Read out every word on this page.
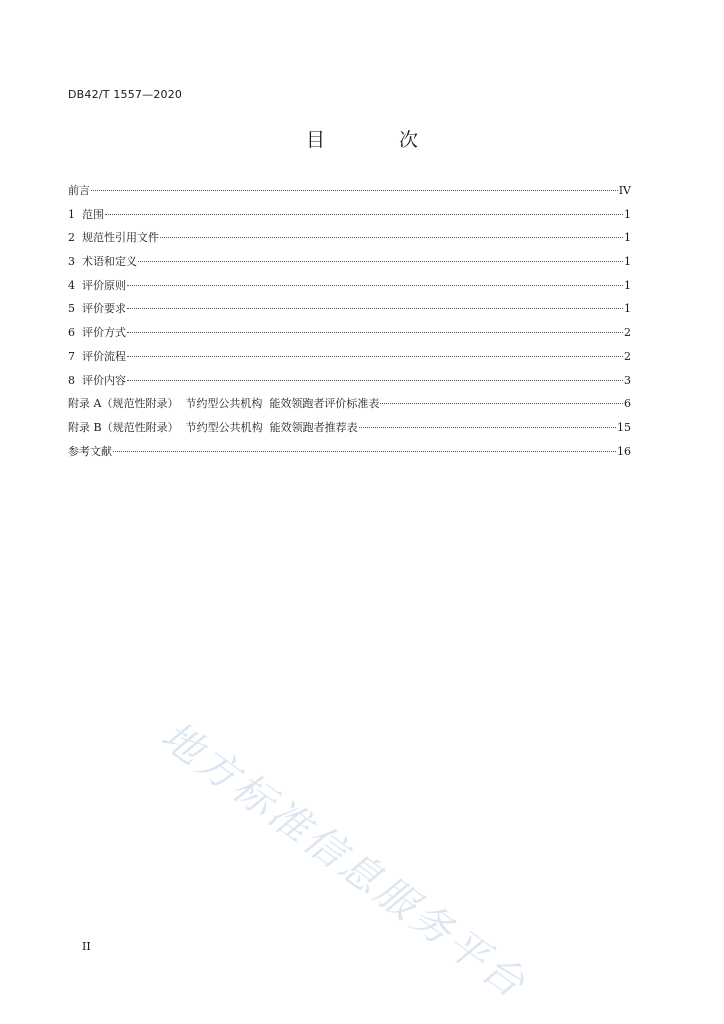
DB42/T 1557—2020
目 次
前言	IV
1  范围	1
2  规范性引用文件	1
3  术语和定义	1
4  评价原则	1
5  评价要求	1
6  评价方式	2
7  评价流程	2
8  评价内容	3
附录 A（规范性附录）  节约型公共机构  能效领跑者评价标准表	6
附录 B（规范性附录）  节约型公共机构  能效领跑者推荐表	15
参考文献	16
地方标准信息服务平台
II
